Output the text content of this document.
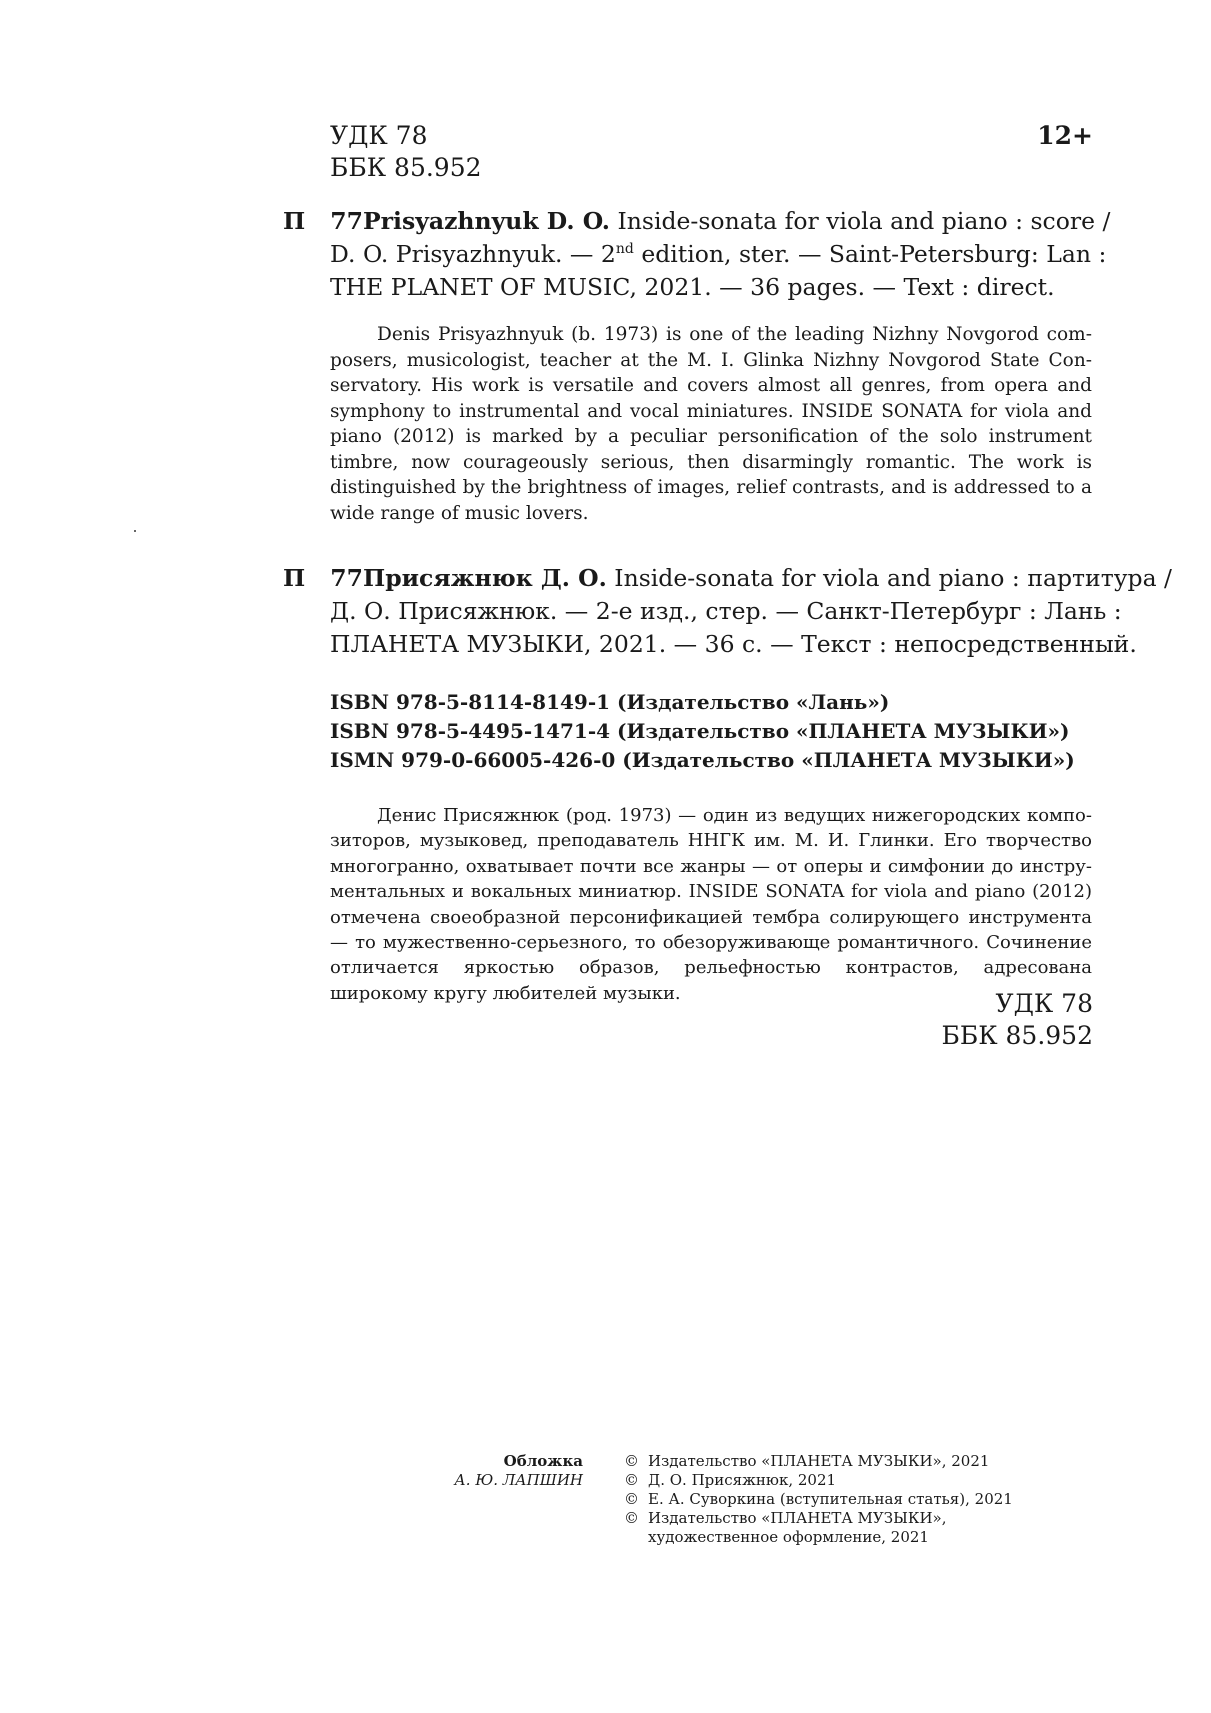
УДК 78
ББК 85.952
12+
П 77Prisyazhnyuk D. O. Inside-sonata for viola and piano : score /
D. O. Prisyazhnyuk. — 2nd edition, ster. — Saint-Petersburg: Lan :
THE PLANET OF MUSIC, 2021. — 36 pages. — Text : direct.

Denis Prisyazhnyuk (b. 1973) is one of the leading Nizhny Novgorod composers, musicologist, teacher at the M. I. Glinka Nizhny Novgorod State Conservatory. His work is versatile and covers almost all genres, from opera and symphony to instrumental and vocal miniatures. INSIDE SONATA for viola and piano (2012) is marked by a peculiar personification of the solo instrument timbre, now courageously serious, then disarmingly romantic. The work is distinguished by the brightness of images, relief contrasts, and is addressed to a wide range of music lovers.

П 77Присяжнюк Д. О. Inside-sonata for viola and piano : партитура /
Д. О. Присяжнюк. — 2-е изд., стер. — Санкт-Петербург : Лань :
ПЛАНЕТА МУЗЫКИ, 2021. — 36 с. — Текст : непосредственный.
ISBN 978-5-8114-8149-1 (Издательство «Лань»)
ISBN 978-5-4495-1471-4 (Издательство «ПЛАНЕТА МУЗЫКИ»)
ISMN 979-0-66005-426-0 (Издательство «ПЛАНЕТА МУЗЫКИ»)

Денис Присяжнюк (род. 1973) — один из ведущих нижегородских композиторов, музыковед, преподаватель ННГК им. М. И. Глинки. Его творчество многогранно, охватывает почти все жанры — от оперы и симфонии до инструментальных и вокальных миниатюр. INSIDE SONATA for viola and piano (2012) отмечена своеобразной персонификацией тембра солирующего инструмента — то мужественно-серьезного, то обезоруживающе романтичного. Сочинение отличается яркостью образов, рельефностью контрастов, адресована широкому кругу любителей музыки.	УДК 78
ББК 85.952
Обложка
А. Ю. ЛАПШИН
© Издательство «ПЛАНЕТА МУЗЫКИ», 2021
© Д. О. Присяжнюк, 2021
© Е. А. Суворкина (вступительная статья), 2021
© Издательство «ПЛАНЕТА МУЗЫКИ»,
художественное оформление, 2021
